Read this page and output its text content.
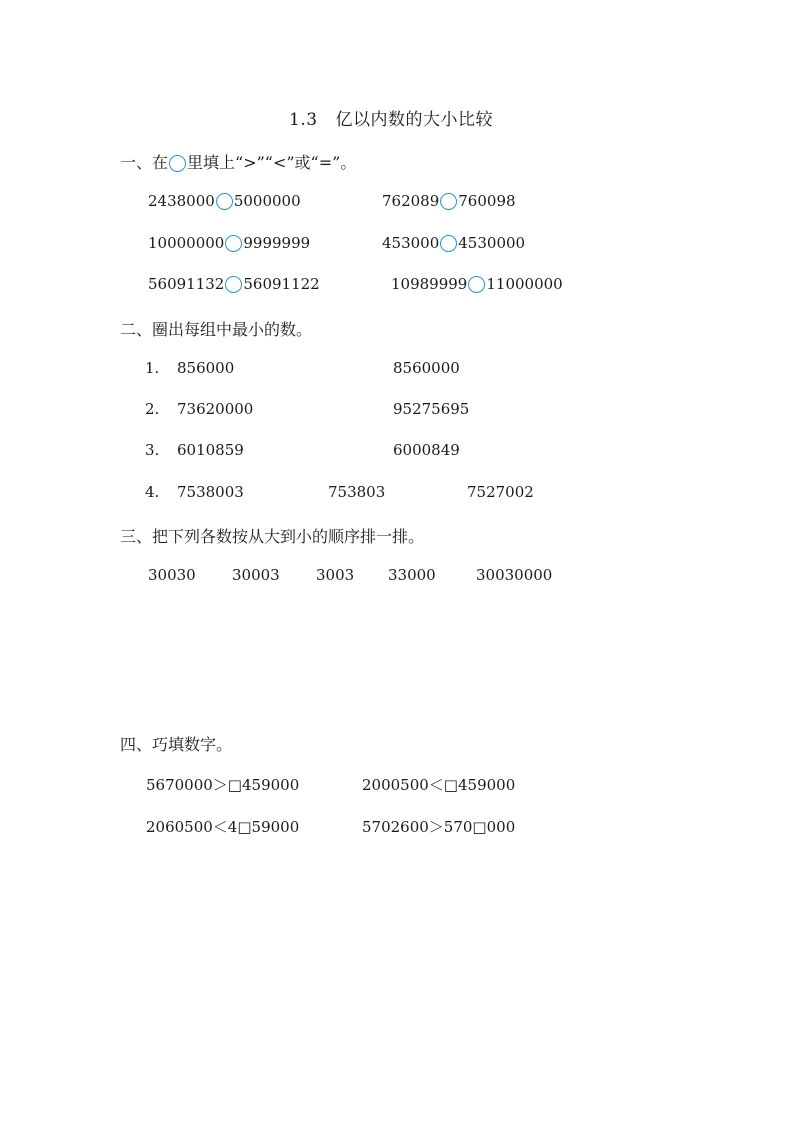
1.3 亿以内数的大小比较
一、在 里填上“>”“<”或“=”。
2438000 5000000	762089 760098
10000000 9999999	453000 4530000
56091132 56091122	10989999 11000000
二、圈出每组中最小的数。
1. 856000	8560000
2. 73620000	95275695
3. 6010859	6000849
4. 7538003	753803	7527002
三、把下列各数按从大到小的顺序排一排。
30030 30003 3003 33000	30030000
四、巧填数字。
5670000＞□459000	2000500＜□459000
2060500＜4□59000	5702600＞570□000
